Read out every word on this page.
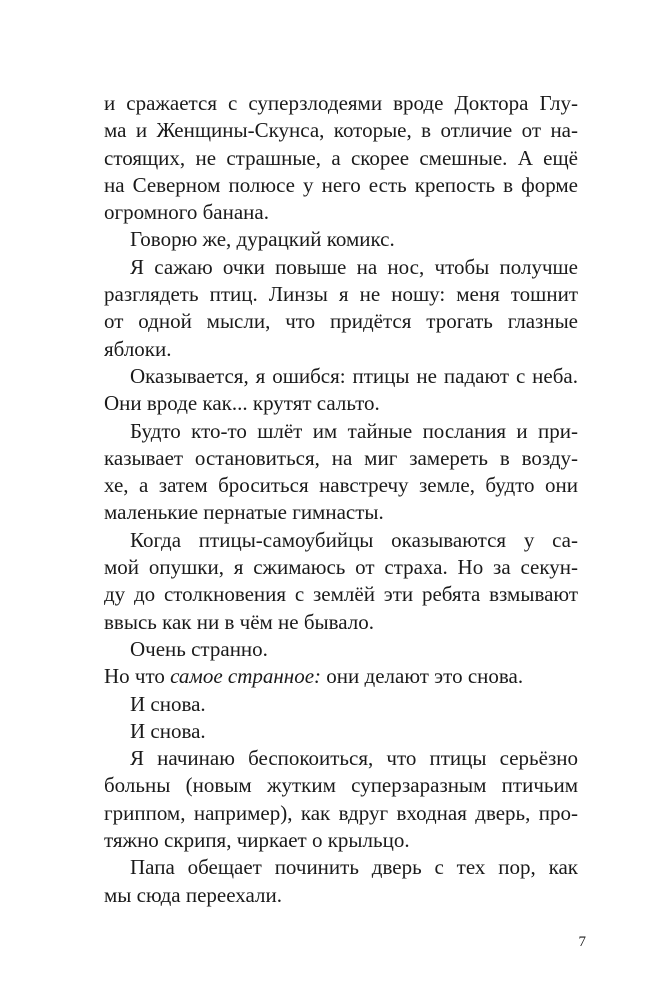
и сражается с суперзлодеями вроде Доктора Глу-
ма и Женщины-Скунса, которые, в отличие от на-
стоящих, не страшные, а скорее смешные. А ещё
на Северном полюсе у него есть крепость в форме
огромного банана.
Говорю же, дурацкий комикс.
Я сажаю очки повыше на нос, чтобы получше
разглядеть птиц. Линзы я не ношу: меня тошнит
от одной мысли, что придётся трогать глазные
яблоки.
Оказывается, я ошибся: птицы не падают с неба.
Они вроде как... крутят сальто.
Будто кто-то шлёт им тайные послания и при-
казывает остановиться, на миг замереть в возду-
хе, а затем броситься навстречу земле, будто они
маленькие пернатые гимнасты.
Когда птицы-самоубийцы оказываются у са-
мой опушки, я сжимаюсь от страха. Но за секун-
ду до столкновения с землёй эти ребята взмывают
ввысь как ни в чём не бывало.
Очень странно.
Но что самое странное: они делают это снова.
И снова.
И снова.
Я начинаю беспокоиться, что птицы серьёзно
больны (новым жутким суперзаразным птичьим
гриппом, например), как вдруг входная дверь, про-
тяжно скрипя, чиркает о крыльцо.
Папа обещает починить дверь с тех пор, как
мы сюда переехали.
7
